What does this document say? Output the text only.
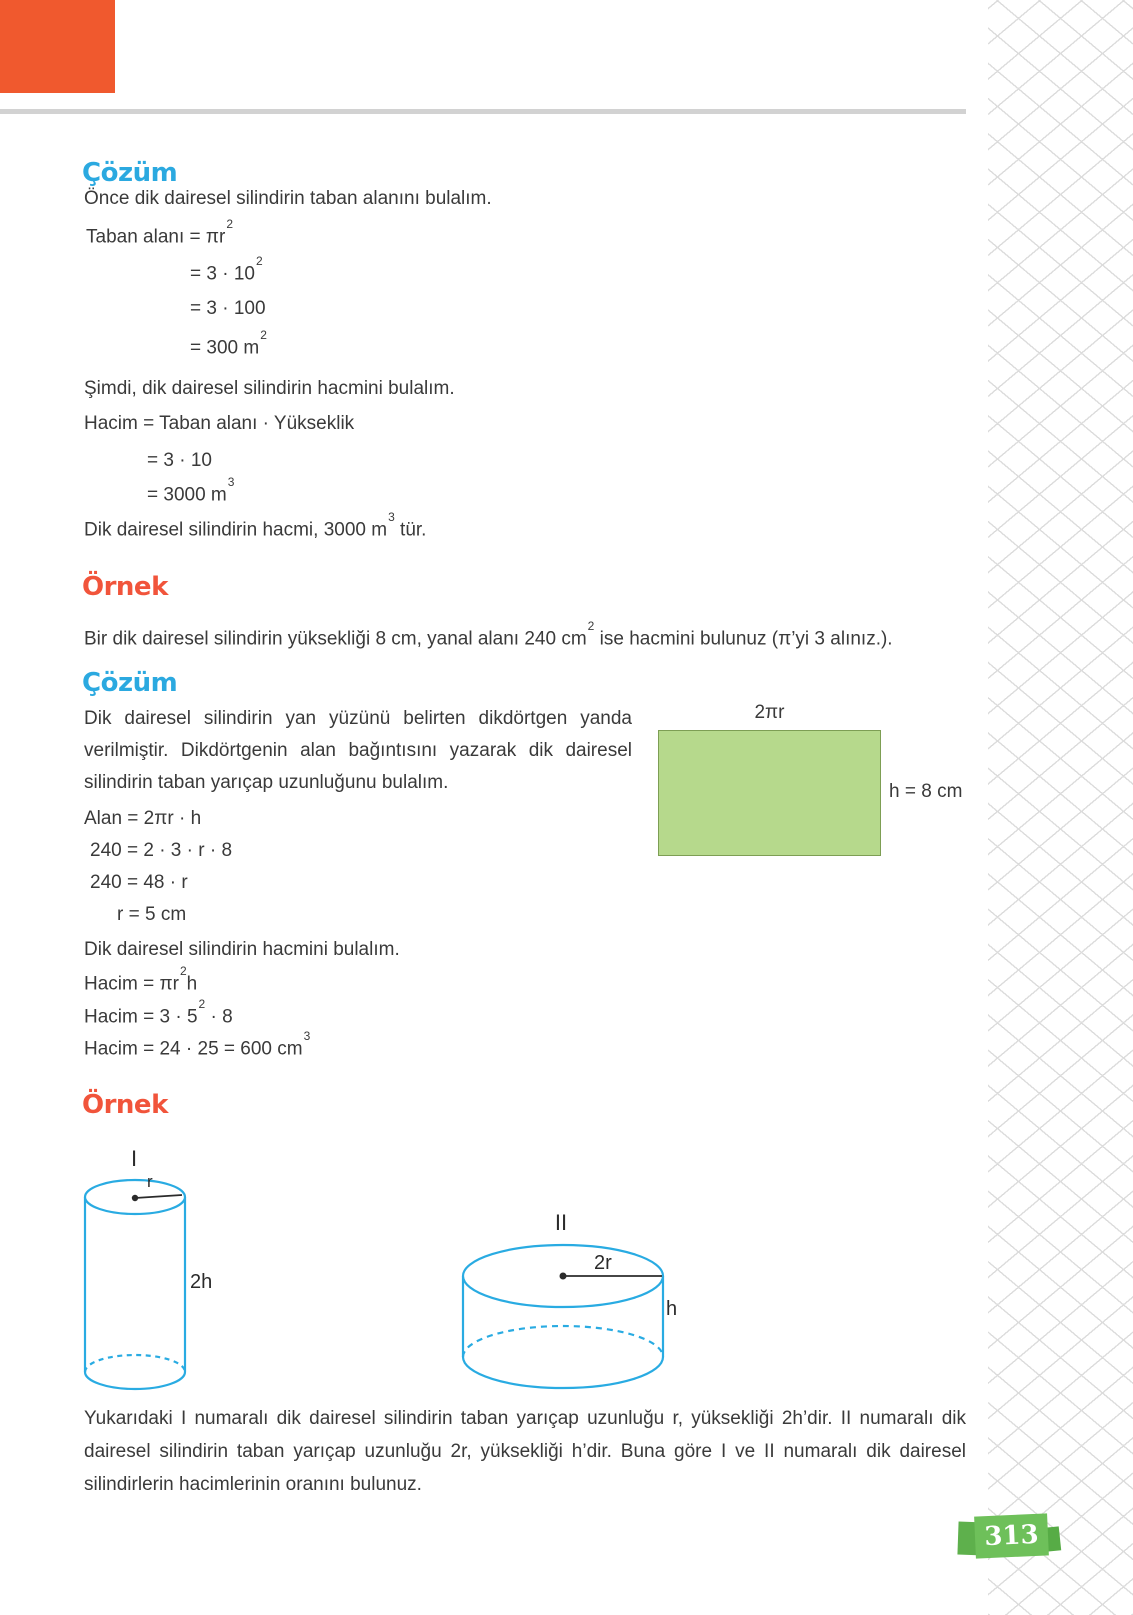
Çözüm
Önce dik dairesel silindirin taban alanını bulalım.
Taban alanı = $\pi r^2$
= $3 \cdot 10^2$
= 3 · 100
= 300 $m^2$
Şimdi, dik dairesel silindirin hacmini bulalım.
Hacim = Taban alanı · Yükseklik
= 3 · 10
= 3000 $m^3$
Dik dairesel silindirin hacmi, 3000 $m^3$ tür.
Örnek
Bir dik dairesel silindirin yüksekliği 8 cm, yanal alanı 240 $cm^2$ ise hacmini bulunuz (π’yi 3 alınız.).
Çözüm
Dik dairesel silindirin yan yüzünü belirten dikdörtgen yanda
verilmiştir. Dikdörtgenin alan bağıntısını yazarak dik dairesel
silindirin taban yarıçap uzunluğunu bulalım.
2πr
h = 8 cm
Alan = 2πr · h
240 = 2 · 3 · r · 8
240 = 48 · r
r = 5 cm
Dik dairesel silindirin hacmini bulalım.
Hacim = $\pi r^2h$
Hacim = $3 \cdot 5^2 \cdot 8$
Hacim = 24 · 25 = 600 $cm^3$
Örnek
I
r
2h
II
2r
h
Yukarıdaki I numaralı dik dairesel silindirin taban yarıçap uzunluğu r, yüksekliği 2h’dir. II numaralı dik
dairesel silindirin taban yarıçap uzunluğu 2r, yüksekliği h’dir. Buna göre I ve II numaralı dik dairesel
silindirlerin hacimlerinin oranını bulunuz.
313
